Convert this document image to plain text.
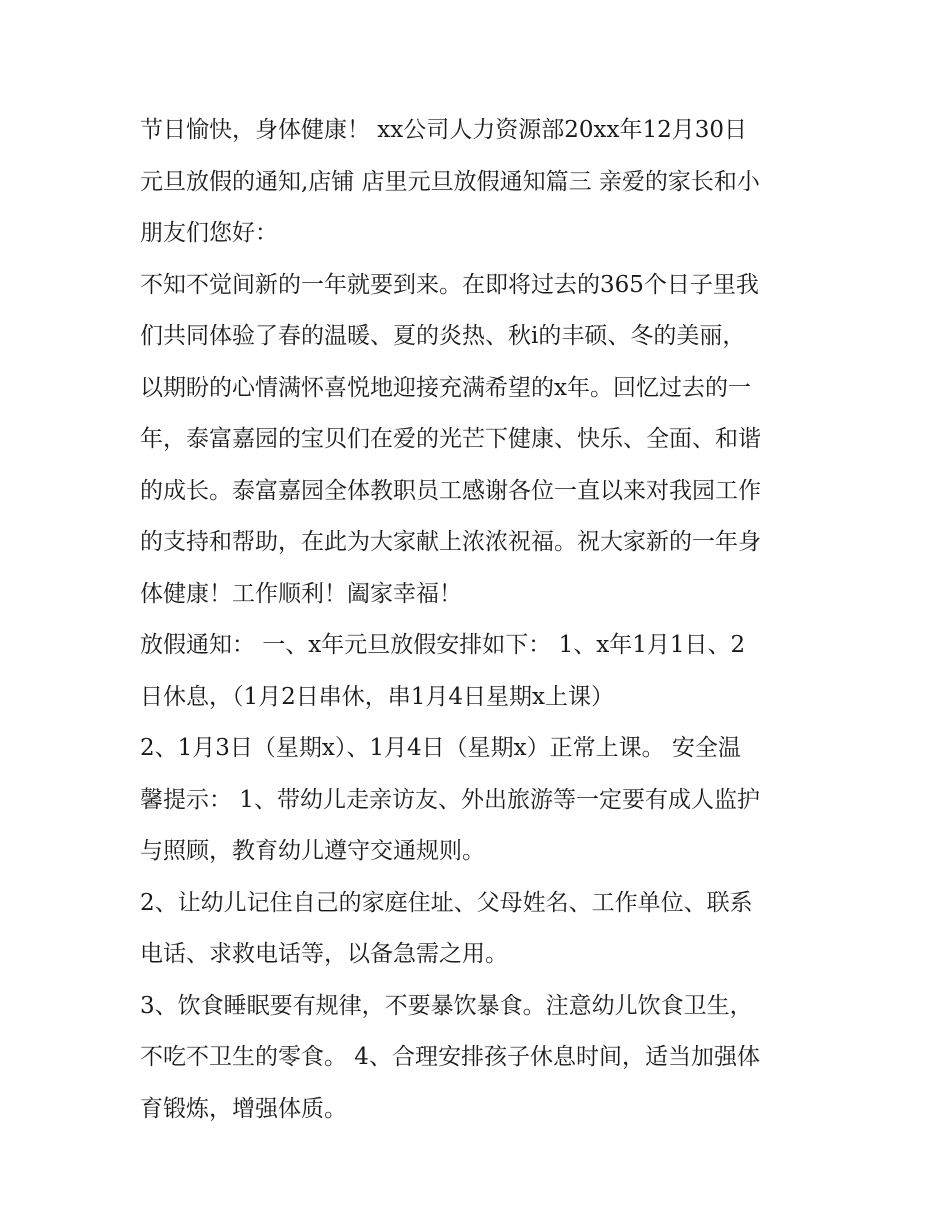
节日愉快，身体健康！ xx公司人力资源部20xx年12月30日

元旦放假的通知,店铺 店里元旦放假通知篇三 亲爱的家长和小

朋友们您好：

不知不觉间新的一年就要到来。在即将过去的365个日子里我

们共同体验了春的温暖、夏的炎热、秋i的丰硕、冬的美丽，

以期盼的心情满怀喜悦地迎接充满希望的x年。回忆过去的一

年，泰富嘉园的宝贝们在爱的光芒下健康、快乐、全面、和谐

的成长。泰富嘉园全体教职员工感谢各位一直以来对我园工作

的支持和帮助，在此为大家献上浓浓祝福。祝大家新的一年身

体健康！工作顺利！阖家幸福！

放假通知： 一、x年元旦放假安排如下： 1、x年1月1日、2

日休息，（1月2日串休，串1月4日星期x上课）

2、1月3日（星期x）、1月4日（星期x）正常上课。 安全温

馨提示： 1、带幼儿走亲访友、外出旅游等一定要有成人监护

与照顾，教育幼儿遵守交通规则。

2、让幼儿记住自己的家庭住址、父母姓名、工作单位、联系

电话、求救电话等，以备急需之用。

3、饮食睡眠要有规律，不要暴饮暴食。注意幼儿饮食卫生，

不吃不卫生的零食。 4、合理安排孩子休息时间，适当加强体

育锻炼，增强体质。
